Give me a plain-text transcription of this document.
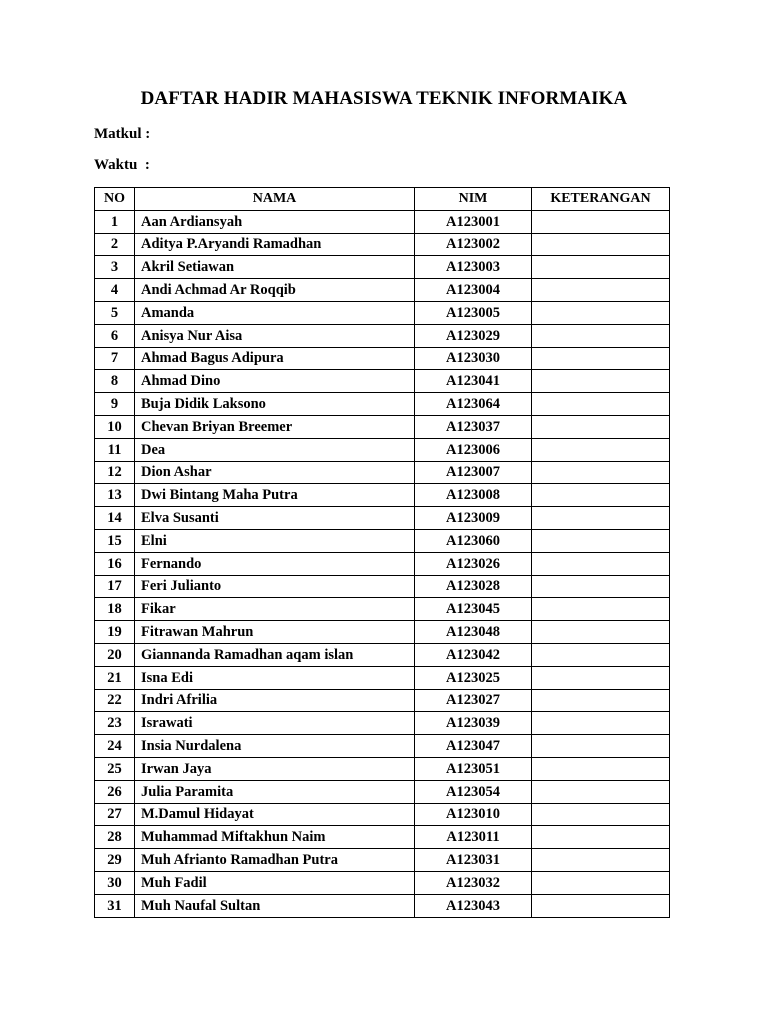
DAFTAR HADIR MAHASISWA TEKNIK INFORMAIKA
Matkul :
Waktu  :
NO	NAMA	NIM	KETERANGAN
1	Aan Ardiansyah	A123001	
2	Aditya P.Aryandi Ramadhan	A123002	
3	Akril Setiawan	A123003	
4	Andi Achmad Ar Roqqib	A123004	
5	Amanda	A123005	
6	Anisya Nur Aisa	A123029	
7	Ahmad Bagus Adipura	A123030	
8	Ahmad Dino	A123041	
9	Buja Didik Laksono	A123064	
10	Chevan Briyan Breemer	A123037	
11	Dea	A123006	
12	Dion Ashar	A123007	
13	Dwi Bintang Maha Putra	A123008	
14	Elva Susanti	A123009	
15	Elni	A123060	
16	Fernando	A123026	
17	Feri Julianto	A123028	
18	Fikar	A123045	
19	Fitrawan Mahrun	A123048	
20	Giannanda Ramadhan aqam islan	A123042	
21	Isna Edi	A123025	
22	Indri Afrilia	A123027	
23	Israwati	A123039	
24	Insia Nurdalena	A123047	
25	Irwan Jaya	A123051	
26	Julia Paramita	A123054	
27	M.Damul Hidayat	A123010	
28	Muhammad Miftakhun Naim	A123011	
29	Muh Afrianto Ramadhan Putra	A123031	
30	Muh Fadil	A123032	
31	Muh Naufal Sultan	A123043	
